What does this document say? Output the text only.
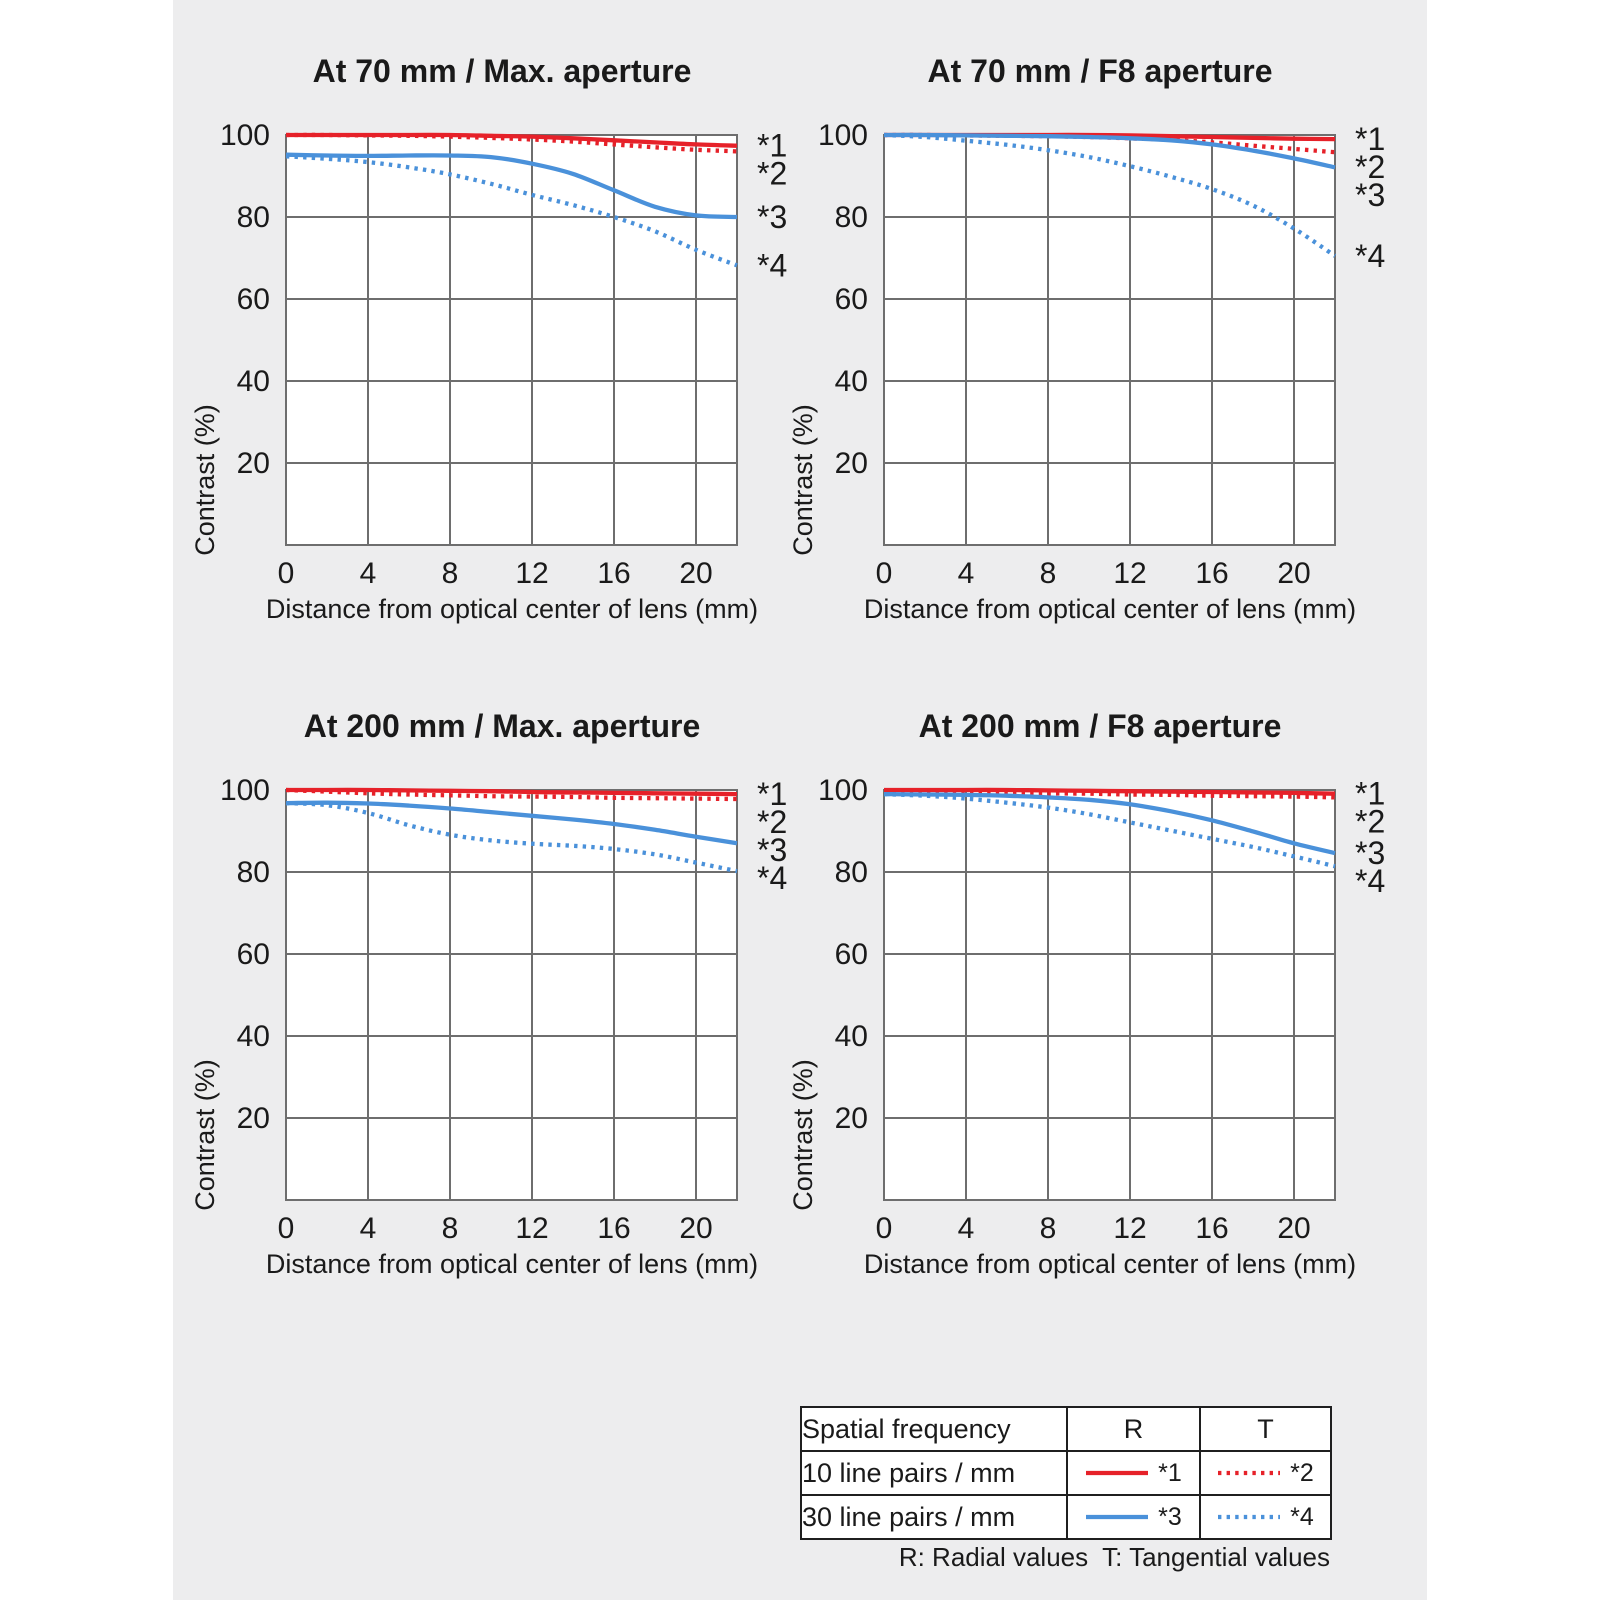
At 70 mm / Max. aperture
100
80
60
40
20
0 4 8 12 16 20
*1
*2
*3
*4
Distance from optical center of lens (mm)
Contrast (%)
At 70 mm / F8 aperture
100
80
60
40
20
0 4 8 12 16 20
*1
*2
*3
*4
Distance from optical center of lens (mm)
Contrast (%)
At 200 mm / Max. aperture
100
80
60
40
20
0 4 8 12 16 20
*1
*2
*3
*4
Distance from optical center of lens (mm)
Contrast (%)
At 200 mm / F8 aperture
100
80
60
40
20
0 4 8 12 16 20
*1
*2
*3
*4
Distance from optical center of lens (mm)
Contrast (%)
Spatial frequency	R	T
10 line pairs / mm	*1	*2

30 line pairs / mm	*3	*4
R: Radial values  T: Tangential values
